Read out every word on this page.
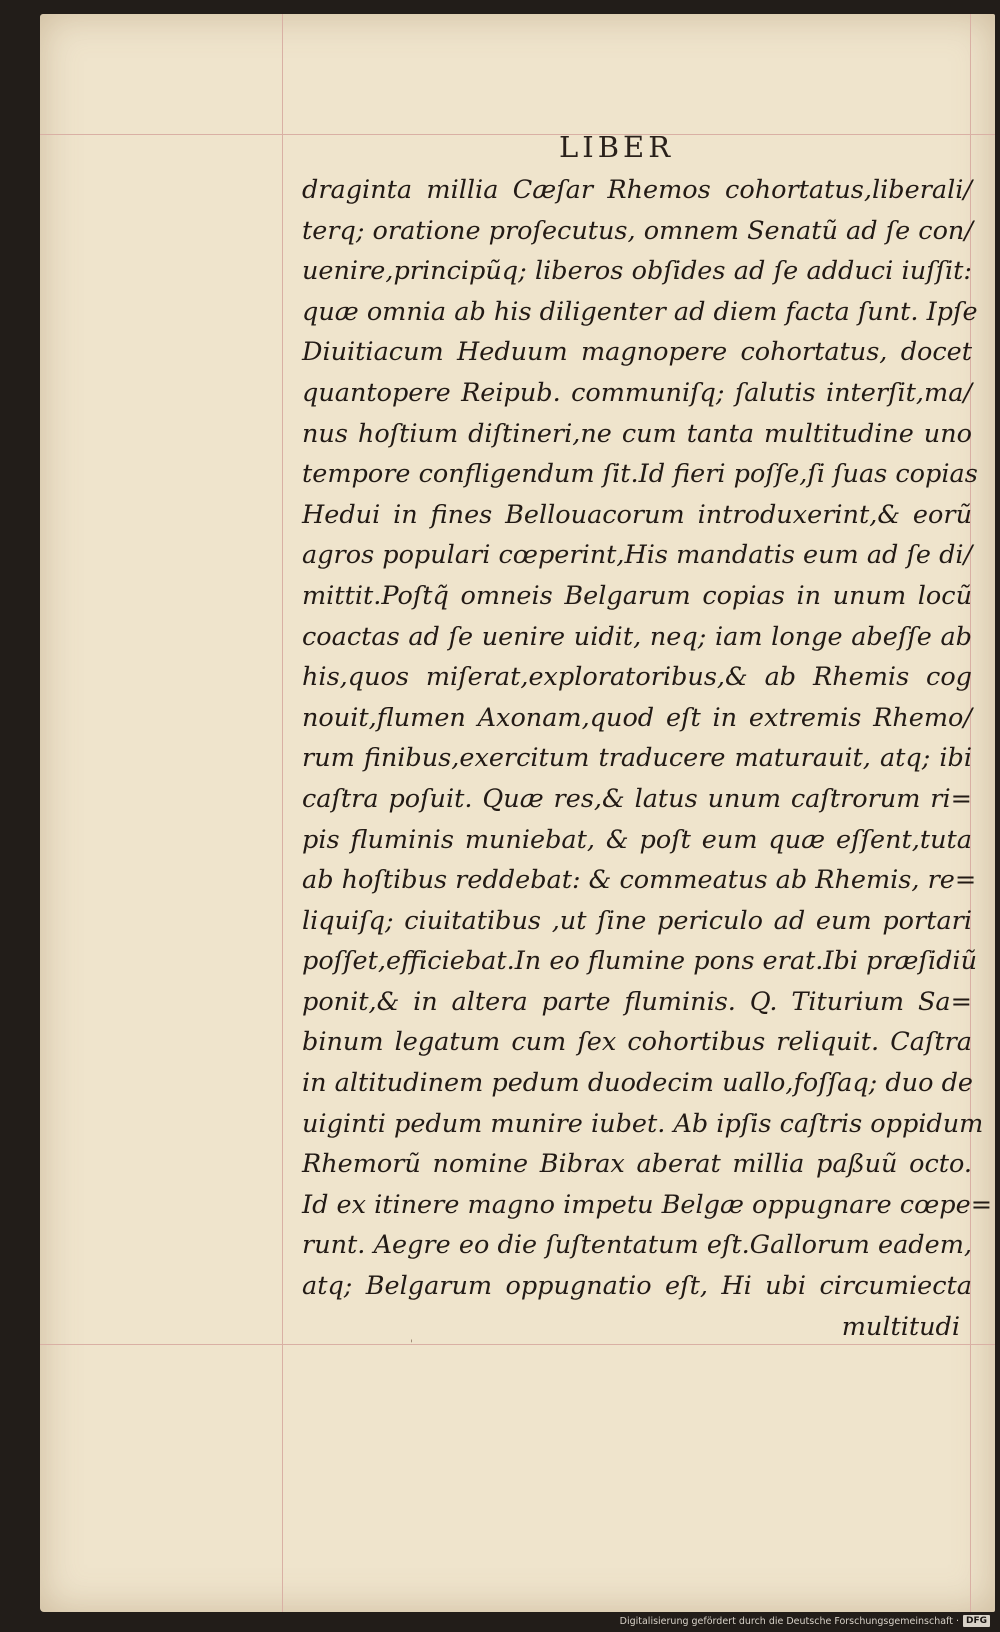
LIBER
draginta millia Cæſar Rhemos cohortatus,liberali/
terq; oratione proſecutus, omnem Senatũ ad ſe con/
uenire,principũq; liberos obſides ad ſe adduci iuſſit:
quæ omnia ab his diligenter ad diem facta ſunt. Ipſe
Diuitiacum Heduum magnopere cohortatus, docet
quantopere Reipub. communiſq; ſalutis interſit,ma/
nus hoſtium diſtineri,ne cum tanta multitudine uno
tempore confligendum ſit.Id fieri poſſe,ſi ſuas copias
Hedui in fines Bellouacorum introduxerint,& eorũ
agros populari cœperint,His mandatis eum ad ſe di/
mittit.Poſtq̃ omneis Belgarum copias in unum locũ
coactas ad ſe uenire uidit, neq; iam longe abeſſe ab
his,quos miſerat,exploratoribus,& ab Rhemis cog
nouit,flumen Axonam,quod eſt in extremis Rhemo/
rum finibus,exercitum traducere maturauit, atq; ibi
caſtra poſuit. Quæ res,& latus unum caſtrorum ri=
pis fluminis muniebat, & poſt eum quæ eſſent,tuta
ab hoſtibus reddebat: & commeatus ab Rhemis, re=
liquiſq; ciuitatibus ,ut ſine periculo ad eum portari
poſſet,efficiebat.In eo flumine pons erat.Ibi præſidiũ
ponit,& in altera parte fluminis. Q. Titurium Sa=
binum legatum cum ſex cohortibus reliquit. Caſtra
in altitudinem pedum duodecim uallo,foſſaq; duo de
uiginti pedum munire iubet. Ab ipſis caſtris oppidum
Rhemorũ nomine Bibrax aberat millia paßuũ octo.
Id ex itinere magno impetu Belgæ oppugnare cœpe=
runt. Aegre eo die ſuſtentatum eſt.Gallorum eadem,
atq; Belgarum oppugnatio eſt, Hi ubi circumiecta
multitudi
'
Digitalisierung gefördert durch die Deutsche Forschungsgemeinschaft · DFG
